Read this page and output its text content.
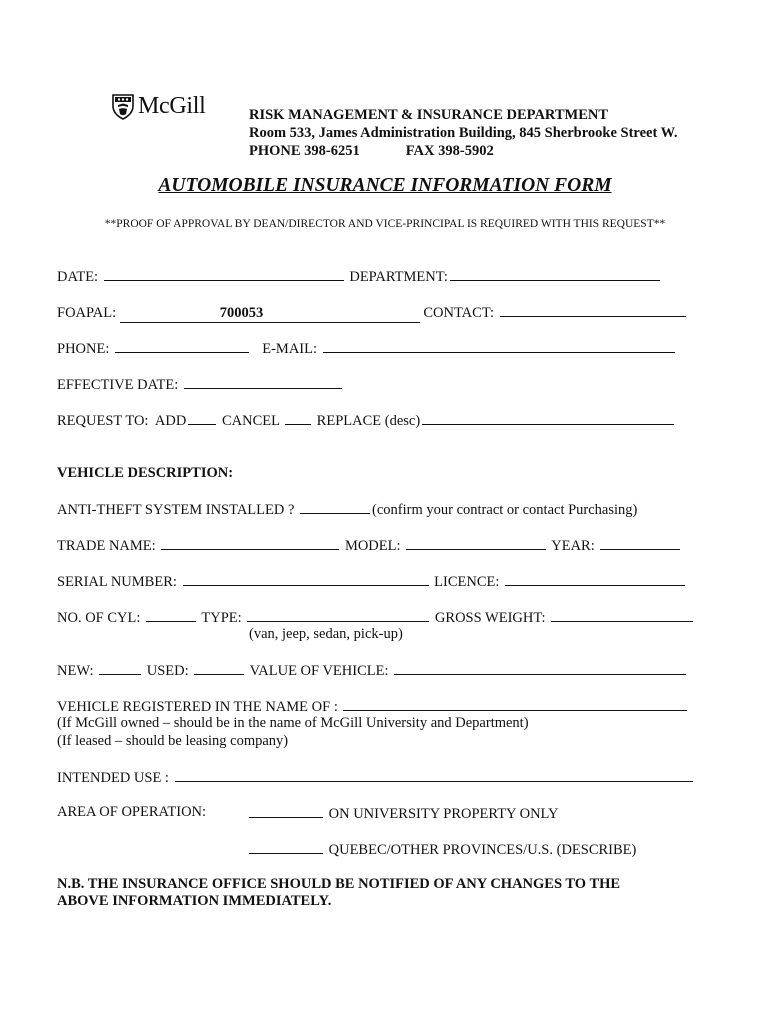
McGill	RISK MANAGEMENT & INSURANCE DEPARTMENT
Room 533, James Administration Building, 845 Sherbrooke Street W.
PHONE 398-6251	FAX 398-5902
AUTOMOBILE INSURANCE INFORMATION FORM
**PROOF OF APPROVAL BY DEAN/DIRECTOR AND VICE-PRINCIPAL IS REQUIRED WITH THIS REQUEST**
DATE:	DEPARTMENT:
FOAPAL:	700053	CONTACT:
PHONE:	E-MAIL:
EFFECTIVE DATE:
REQUEST TO: ADD CANCEL	REPLACE (desc)
VEHICLE DESCRIPTION:
ANTI-THEFT SYSTEM INSTALLED ?	(confirm your contract or contact Purchasing)
TRADE NAME:	MODEL:	YEAR:
SERIAL NUMBER:	LICENCE:
NO. OF CYL:	TYPE:	GROSS WEIGHT:
(van, jeep, sedan, pick-up)
NEW:	USED:	VALUE OF VEHICLE:
VEHICLE REGISTERED IN THE NAME OF :
(If McGill owned – should be in the name of McGill University and Department)
(If leased – should be leasing company)
INTENDED USE :
AREA OF OPERATION:	ON UNIVERSITY PROPERTY ONLY
QUEBEC/OTHER PROVINCES/U.S. (DESCRIBE)
N.B. THE INSURANCE OFFICE SHOULD BE NOTIFIED OF ANY CHANGES TO THE
ABOVE INFORMATION IMMEDIATELY.
